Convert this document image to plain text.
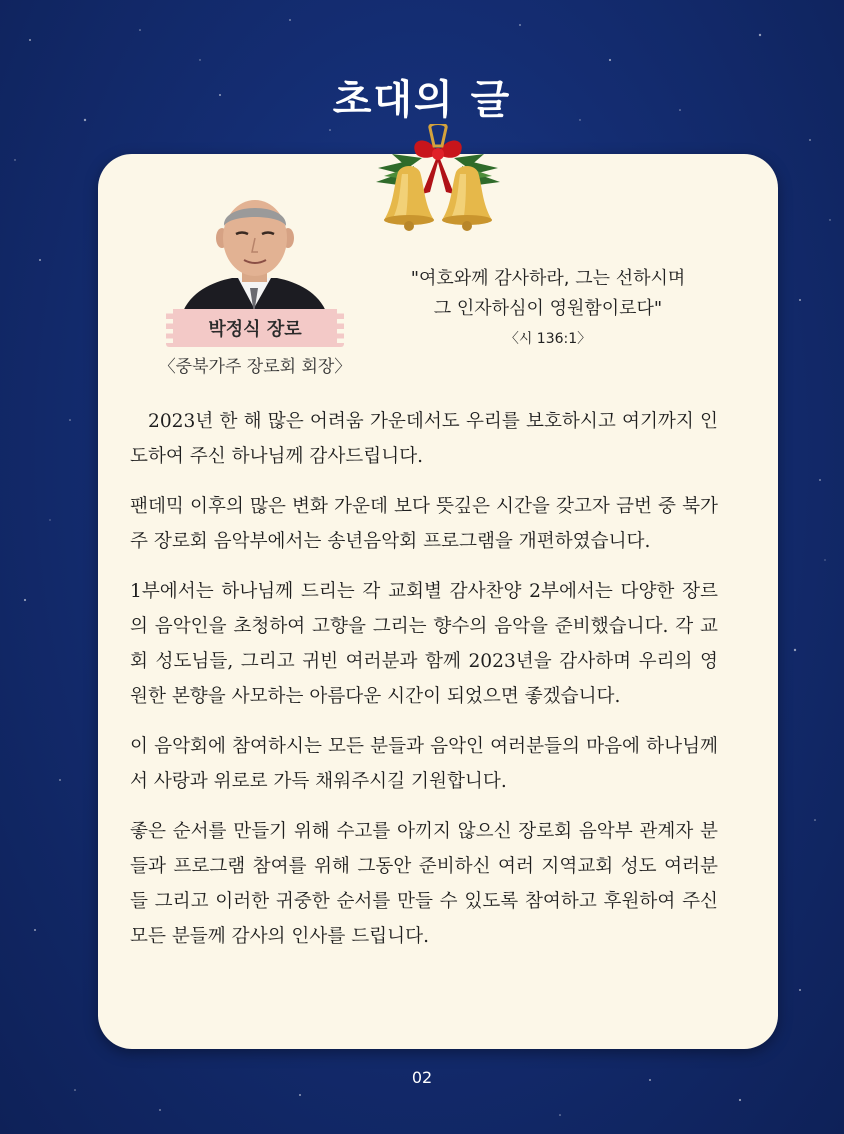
초대의 글
박정식 장로
〈중북가주 장로회 회장〉
"여호와께 감사하라, 그는 선하시며
그 인자하심이 영원함이로다"
〈시 136:1〉

2023년 한 해 많은 어려움 가운데서도 우리를 보호하시고 여기까지 인도하여 주신 하나님께 감사드립니다.

팬데믹 이후의 많은 변화 가운데 보다 뜻깊은 시간을 갖고자 금번 중 북가주 장로회 음악부에서는 송년음악회 프로그램을 개편하였습니다.

1부에서는 하나님께 드리는 각 교회별 감사찬양 2부에서는 다양한 장르의 음악인을 초청하여 고향을 그리는 향수의 음악을 준비했습니다. 각 교회 성도님들, 그리고 귀빈 여러분과 함께 2023년을 감사하며 우리의 영원한 본향을 사모하는 아름다운 시간이 되었으면 좋겠습니다.

이 음악회에 참여하시는 모든 분들과 음악인 여러분들의 마음에 하나님께서 사랑과 위로로 가득 채워주시길 기원합니다.

좋은 순서를 만들기 위해 수고를 아끼지 않으신 장로회 음악부 관계자 분들과 프로그램 참여를 위해 그동안 준비하신 여러 지역교회 성도 여러분들 그리고 이러한 귀중한 순서를 만들 수 있도록 참여하고 후원하여 주신 모든 분들께 감사의 인사를 드립니다.

02
